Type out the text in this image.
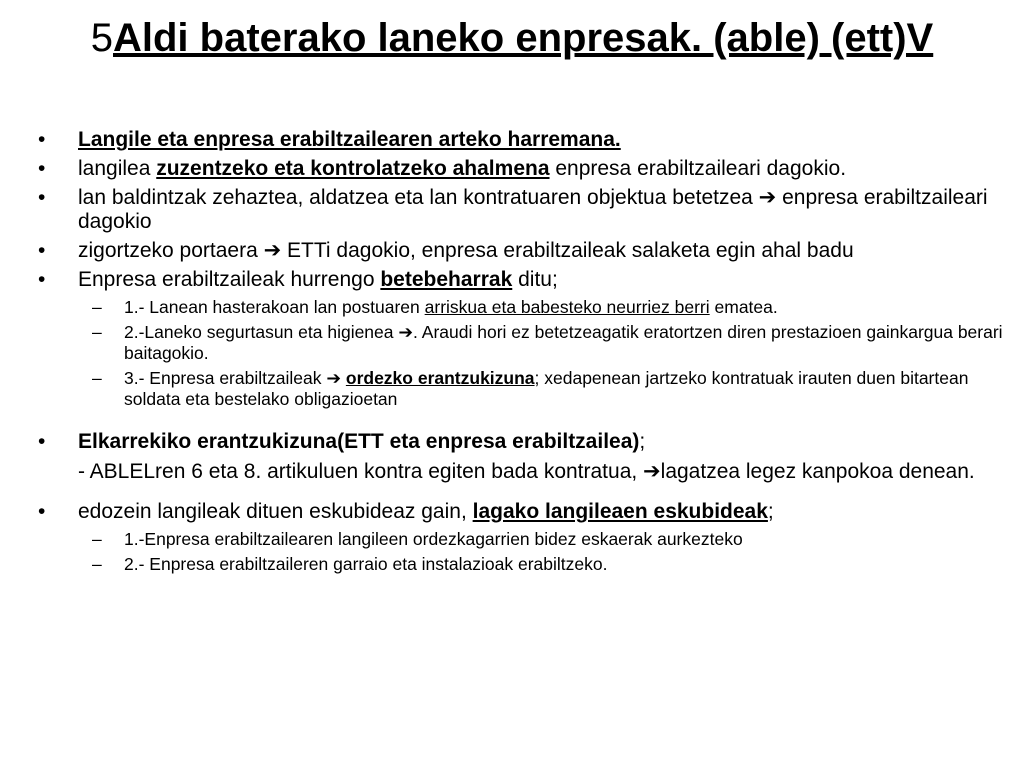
5Aldi baterako laneko enpresak. (able) (ett)V
• Langile eta enpresa erabiltzailearen arteko harremana.
• langilea zuzentzeko eta kontrolatzeko ahalmena enpresa erabiltzaileari dagokio.
• lan baldintzak zehaztea, aldatzea eta lan kontratuaren objektua betetzea ➔ enpresa erabiltzaileari dagokio
• zigortzeko portaera ➔ ETTi dagokio, enpresa erabiltzaileak salaketa egin ahal badu
• Enpresa erabiltzaileak hurrengo betebeharrak ditu;
– 1.- Lanean hasterakoan lan postuaren arriskua eta babesteko neurriez berri ematea.
– 2.-Laneko segurtasun eta higienea ➔. Araudi hori ez betetzeagatik eratortzen diren prestazioen gainkargua berari baitagokio.
– 3.- Enpresa erabiltzaileak ➔ ordezko erantzukizuna; xedapenean jartzeko kontratuak irauten duen bitartean soldata eta bestelako obligazioetan
• Elkarrekiko erantzukizuna(ETT eta enpresa erabiltzailea);
- ABLELren 6 eta 8. artikuluen kontra egiten bada kontratua, ➔lagatzea legez kanpokoa denean.
• edozein langileak dituen eskubideaz gain, lagako langileaen eskubideak;
– 1.-Enpresa erabiltzailearen langileen ordezkagarrien bidez eskaerak aurkezteko
– 2.- Enpresa erabiltzaileren garraio eta instalazioak erabiltzeko.
